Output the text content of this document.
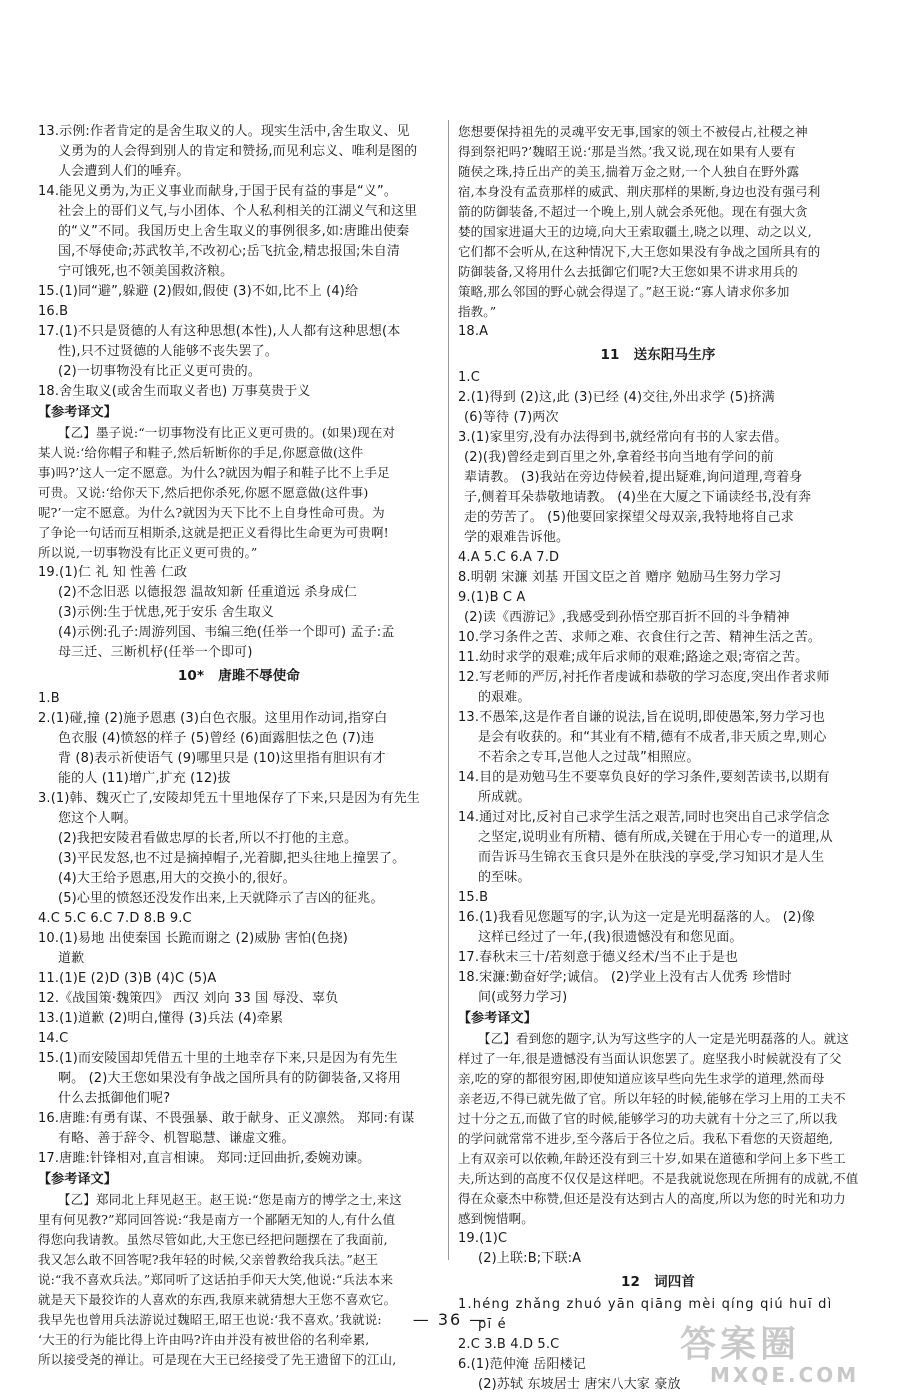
13.示例:作者肯定的是舍生取义的人。现实生活中,舍生取义、见
义勇为的人会得到别人的肯定和赞扬,而见利忘义、唯利是图的
人会遭到人们的唾弃。
14.能见义勇为,为正义事业而献身,于国于民有益的事是“义”。
社会上的哥们义气,与小团体、个人私利相关的江湖义气和这里
的“义”不同。我国历史上舍生取义的事例很多,如:唐雎出使秦
国,不辱使命;苏武牧羊,不改初心;岳飞抗金,精忠报国;朱自清
宁可饿死,也不领美国救济粮。
15.(1)同“避”,躲避 (2)假如,假使 (3)不如,比不上 (4)给
16.B
17.(1)不只是贤德的人有这种思想(本性),人人都有这种思想(本
性),只不过贤德的人能够不丧失罢了。
(2)一切事物没有比正义更可贵的。
18.舍生取义(或舍生而取义者也) 万事莫贵于义
【参考译文】
【乙】墨子说:“一切事物没有比正义更可贵的。(如果)现在对
某人说:‘给你帽子和鞋子,然后斩断你的手足,你愿意做(这件
事)吗?’这人一定不愿意。为什么?就因为帽子和鞋子比不上手足
可贵。又说:‘给你天下,然后把你杀死,你愿不愿意做(这件事)
呢?’一定不愿意。为什么?就因为天下比不上自身性命可贵。为
了争论一句话而互相斯杀,这就是把正义看得比生命更为可贵啊!
所以说,一切事物没有比正义更可贵的。”
19.(1)仁 礼 知 性善 仁政
(2)不念旧恶 以德报怨 温故知新 任重道远 杀身成仁
(3)示例:生于忧患,死于安乐 舍生取义
(4)示例:孔子:周游列国、韦编三绝(任举一个即可) 孟子:孟
母三迁、三断机杼(任举一个即可)
10* 唐雎不辱使命
1.B
2.(1)碰,撞 (2)施予恩惠 (3)白色衣服。这里用作动词,指穿白
色衣服 (4)愤怒的样子 (5)曾经 (6)面露胆怯之色 (7)违
背 (8)表示祈使语气 (9)哪里只是 (10)这里指有胆识有才
能的人 (11)增广,扩充 (12)拔
3.(1)韩、魏灭亡了,安陵却凭五十里地保存了下来,只是因为有先生
您这个人啊。
(2)我把安陵君看做忠厚的长者,所以不打他的主意。
(3)平民发怒,也不过是摘掉帽子,光着脚,把头往地上撞罢了。
(4)大王给予恩惠,用大的交换小的,很好。
(5)心里的愤怒还没发作出来,上天就降示了吉凶的征兆。
4.C 5.C 6.C 7.D 8.B 9.C
10.(1)易地 出使秦国 长跪而谢之 (2)威胁 害怕(色挠)
道歉
11.(1)E (2)D (3)B (4)C (5)A
12.《战国策·魏策四》 西汉 刘向 33 国 辱没、辜负
13.(1)道歉 (2)明白,懂得 (3)兵法 (4)牵累
14.C
15.(1)而安陵国却凭借五十里的土地幸存下来,只是因为有先生
啊。 (2)大王您如果没有争战之国所具有的防御装备,又将用
什么去抵御他们呢?
16.唐雎:有勇有谋、不畏强暴、敢于献身、正义凛然。 郑同:有谋
有略、善于辞令、机智聪慧、谦虚文雅。
17.唐雎:针锋相对,直言相谏。 郑同:迂回曲折,委婉劝谏。
【参考译文】
【乙】郑同北上拜见赵王。赵王说:“您是南方的博学之士,来这
里有何见教?”郑同回答说:“我是南方一个鄙陋无知的人,有什么值
得您向我请教。虽然尽管如此,大王您已经把问题摆在了我面前,
我又怎么敢不回答呢?我年轻的时候,父亲曾教给我兵法。”赵王
说:“我不喜欢兵法。”郑同听了这话拍手仰天大笑,他说:“兵法本来
就是天下最狡诈的人喜欢的东西,我原来就猜想大王您不喜欢它。
我早先也曾用兵法游说过魏昭王,昭王也说:‘我不喜欢。’我就说:
‘大王的行为能比得上许由吗?许由并没有被世俗的名利牵累,
所以接受尧的禅让。可是现在大王已经接受了先王遗留下的江山,
您想要保持祖先的灵魂平安无事,国家的领土不被侵占,社稷之神
得到祭祀吗?’魏昭王说:‘那是当然。’我又说,现在如果有人要有
随侯之珠,持丘出产的美玉,揣着万金之财,一个人独自在野外露
宿,本身没有孟贲那样的威武、荆庆那样的果断,身边也没有强弓利
箭的防御装备,不超过一个晚上,别人就会杀死他。现在有强大贪
婪的国家进逼大王的边境,向大王索取疆土,晓之以理、动之以义,
它们都不会听从,在这种情况下,大王您如果没有争战之国所具有的
防御装备,又将用什么去抵御它们呢?大王您如果不讲求用兵的
策略,那么邻国的野心就会得逞了。”赵王说:“寡人请求你多加
指教。”
18.A
11 送东阳马生序
1.C
2.(1)得到 (2)这,此 (3)已经 (4)交往,外出求学 (5)挤满
(6)等待 (7)两次
3.(1)家里穷,没有办法得到书,就经常向有书的人家去借。
(2)(我)曾经走到百里之外,拿着经书向当地有学问的前
辈请教。 (3)我站在旁边侍候着,提出疑难,询问道理,弯着身
子,侧着耳朵恭敬地请教。 (4)坐在大厦之下诵读经书,没有奔
走的劳苦了。 (5)他要回家探望父母双亲,我特地将自己求
学的艰难告诉他。
4.A 5.C 6.A 7.D
8.明朝 宋濂 刘基 开国文臣之首 赠序 勉励马生努力学习
9.(1)B C A
(2)读《西游记》,我感受到孙悟空那百折不回的斗争精神
10.学习条件之苦、求师之难、衣食住行之苦、精神生活之苦。
11.幼时求学的艰难;成年后求师的艰难;路途之艰;寄宿之苦。
12.写老师的严厉,衬托作者虔诚和恭敬的学习态度,突出作者求师
的艰难。
13.不愚笨,这是作者自谦的说法,旨在说明,即使愚笨,努力学习也
是会有收获的。和“其业有不精,德有不成者,非天质之卑,则心
不若余之专耳,岂他人之过哉”相照应。
14.目的是劝勉马生不要辜负良好的学习条件,要刻苦读书,以期有
所成就。
14.通过对比,反衬自己求学生活之艰苦,同时也突出自己求学信念
之坚定,说明业有所精、德有所成,关键在于用心专一的道理,从
而告诉马生锦衣玉食只是外在肤浅的享受,学习知识才是人生
的至味。
15.B
16.(1)我看见您题写的字,认为这一定是光明磊落的人。 (2)像
这样已经过了一年,(我)很遗憾没有和您见面。
17.春秋末三十/若刻意于德义经术/当不止于是也
18.宋濂:勤奋好学;诚信。 (2)学业上没有古人优秀 珍惜时
间(或努力学习)
【参考译文】
【乙】看到您的题字,认为写这些字的人一定是光明磊落的人。就这
样过了一年,很是遗憾没有当面认识您罢了。庭坚我小时候就没有了父
亲,吃的穿的都很穷困,即使知道应该早些向先生求学的道理,然而母
亲老迈,不得已就先做了官。所以年轻的时候,能够在学习上用的工夫不
过十分之五,而做了官的时候,能够学习的功夫就有十分之三了,所以我
的学问就常常不进步,至今落后于各位之后。我私下看您的天资超绝,
上有双亲可以依赖,年龄还没有到三十岁,如果在道德和学问上多下些工
夫,所达到的高度不仅仅是这样吧。不是我就说您现在所拥有的成就,不值
得在众豪杰中称赞,但还是没有达到古人的高度,所以为您的时光和功力
感到惋惜啊。
19.(1)C
(2)上联:B;下联:A
12 词四首
1.héng zhǎng zhuó yān qiāng mèi qíng qiú huī dì
pī é
2.C 3.B 4.D 5.C
6.(1)范仲淹 岳阳楼记
(2)苏轼 东坡居士 唐宋八大家 豪放
— 36 —
答案圈
MXQE.COM
